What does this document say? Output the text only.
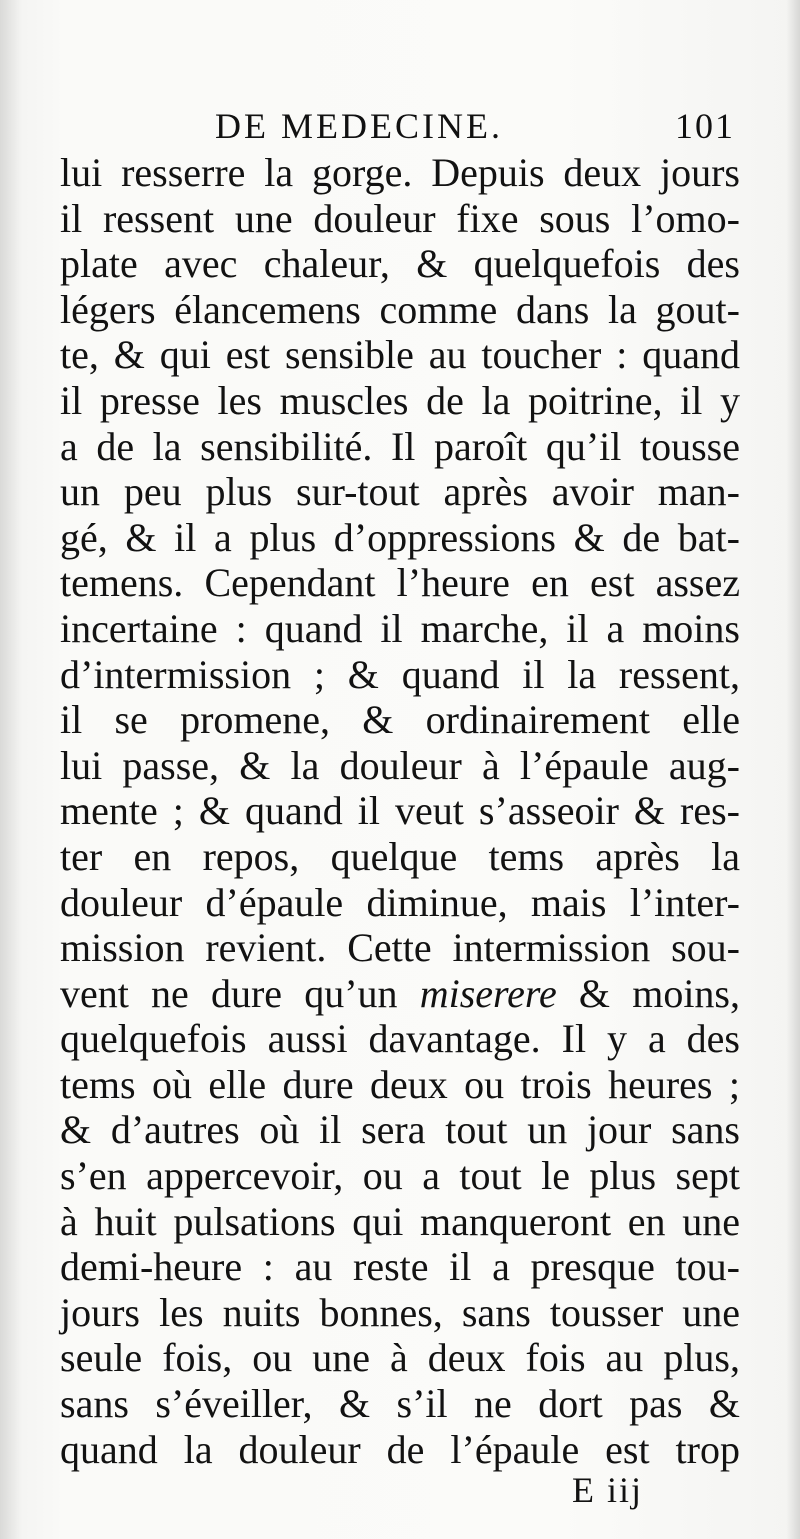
DE MEDECINE.	101
lui resserre la gorge. Depuis deux jours
il ressent une douleur fixe sous l’omo-
plate avec chaleur, & quelquefois des
légers élancemens comme dans la gout-
te, & qui est sensible au toucher : quand
il presse les muscles de la poitrine, il y
a de la sensibilité. Il paroît qu’il tousse
un peu plus sur-tout après avoir man-
gé, & il a plus d’oppressions & de bat-
temens. Cependant l’heure en est assez
incertaine : quand il marche, il a moins
d’intermission ; & quand il la ressent,
il se promene, & ordinairement elle
lui passe, & la douleur à l’épaule aug-
mente ; & quand il veut s’asseoir & res-
ter en repos, quelque tems après la
douleur d’épaule diminue, mais l’inter-
mission revient. Cette intermission sou-
vent ne dure qu’un miserere & moins,
quelquefois aussi davantage. Il y a des
tems où elle dure deux ou trois heures ;
& d’autres où il sera tout un jour sans
s’en appercevoir, ou a tout le plus sept
à huit pulsations qui manqueront en une
demi-heure : au reste il a presque tou-
jours les nuits bonnes, sans tousser une
seule fois, ou une à deux fois au plus,
sans s’éveiller, & s’il ne dort pas &
quand la douleur de l’épaule est trop
E iij
